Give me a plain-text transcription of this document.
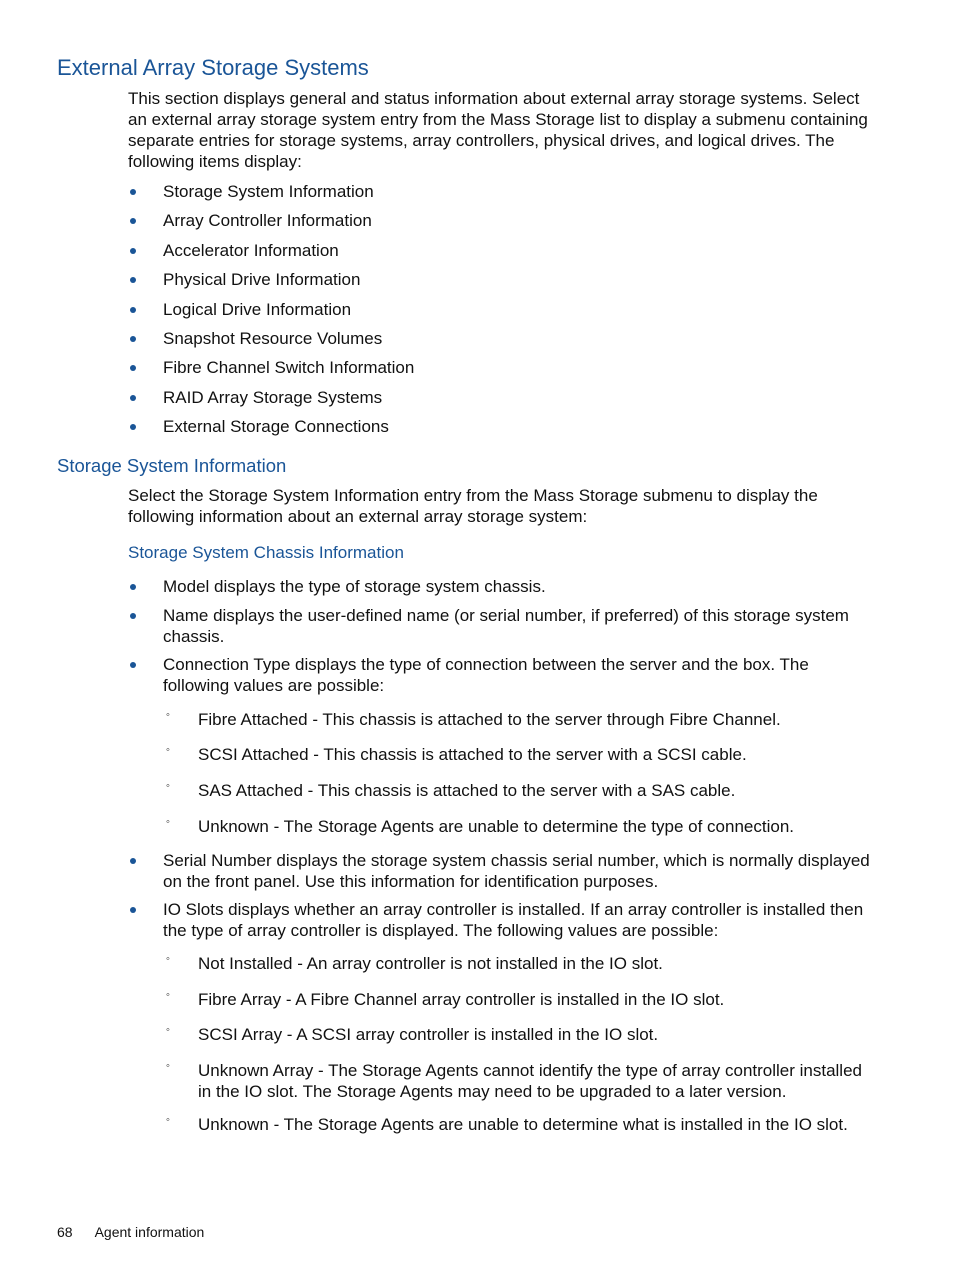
External Array Storage Systems

This section displays general and status information about external array storage systems. Select an external array storage system entry from the Mass Storage list to display a submenu containing separate entries for storage systems, array controllers, physical drives, and logical drives. The following items display:

Storage System Information
Array Controller Information
Accelerator Information
Physical Drive Information
Logical Drive Information
Snapshot Resource Volumes
Fibre Channel Switch Information
RAID Array Storage Systems
External Storage Connections
Storage System Information

Select the Storage System Information entry from the Mass Storage submenu to display the following information about an external array storage system:

Storage System Chassis Information
Model displays the type of storage system chassis.
Name displays the user-defined name (or serial number, if preferred) of this storage system chassis.
Connection Type displays the type of connection between the server and the box. The following values are possible:
◦ Fibre Attached - This chassis is attached to the server through Fibre Channel.
◦ SCSI Attached - This chassis is attached to the server with a SCSI cable.
◦ SAS Attached - This chassis is attached to the server with a SAS cable.
◦ Unknown - The Storage Agents are unable to determine the type of connection.
Serial Number displays the storage system chassis serial number, which is normally displayed on the front panel. Use this information for identification purposes.
IO Slots displays whether an array controller is installed. If an array controller is installed then the type of array controller is displayed. The following values are possible:
◦ Not Installed - An array controller is not installed in the IO slot.
◦ Fibre Array - A Fibre Channel array controller is installed in the IO slot.
◦ SCSI Array - A SCSI array controller is installed in the IO slot.
◦ Unknown Array - The Storage Agents cannot identify the type of array controller installed in the IO slot. The Storage Agents may need to be upgraded to a later version.
◦ Unknown - The Storage Agents are unable to determine what is installed in the IO slot.
68 Agent information
